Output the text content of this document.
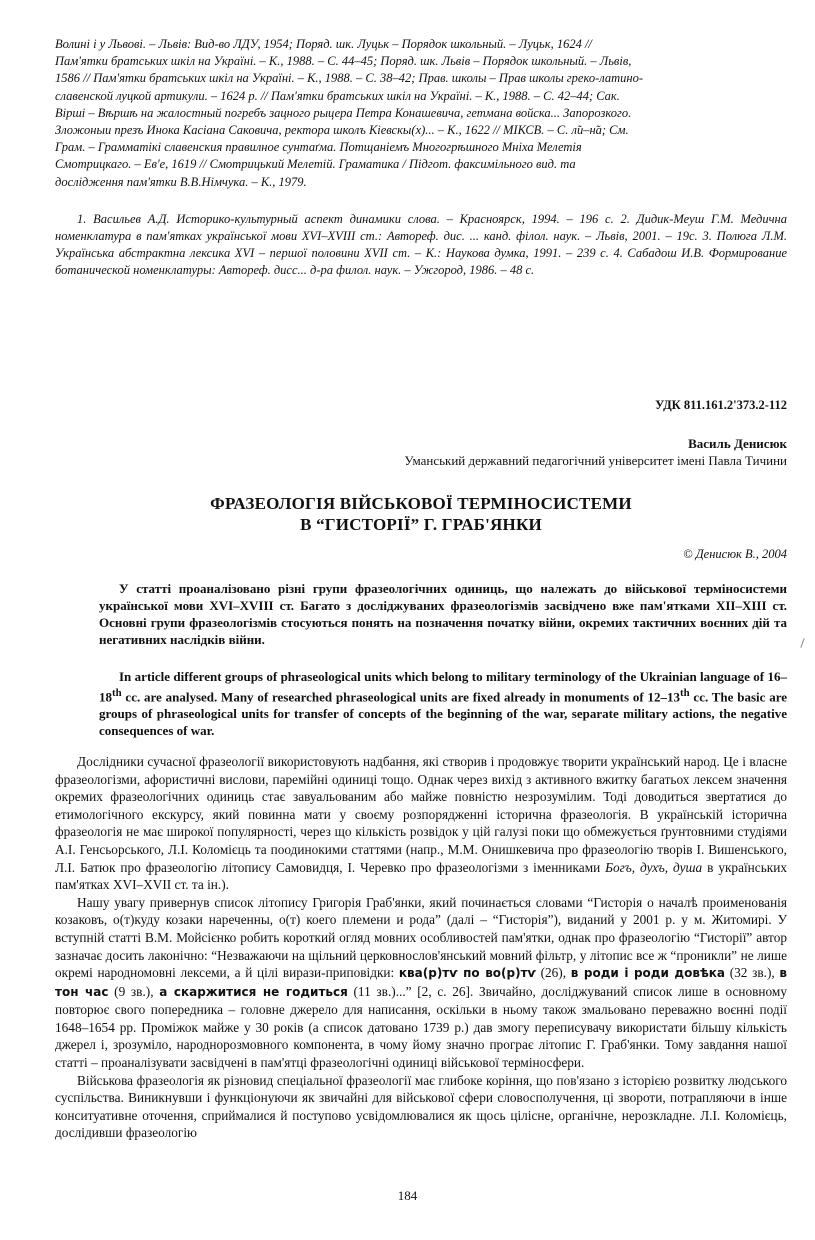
Волині і у Львові. – Львів: Вид-во ЛДУ, 1954; Поряд. шк. Луцьк – Порядок школьный. – Луцьк, 1624 //

Пам'ятки братських шкіл на Україні. – К., 1988. – С. 44–45; Поряд. шк. Львів – Порядок школьный. – Львів,

1586 // Пам'ятки братських шкіл на Україні. – К., 1988. – С. 38–42; Прав. школы – Прав школы греко-латино-

славенской луцкой артикули. – 1624 р. // Пам'ятки братських шкіл на Україні. – К., 1988. – С. 42–44; Сак.

Вірші – Вѣршѣ на жалостный погребъ зацного рыцера Петра Конашевича, гетмана войска... Запорозкого.

Зложоныи презъ Инока Касіана Саковича, ректора школъ Кіевскы(х)... – К., 1622 // МІКСВ. – С. л̃и–н̃а; См.

Грам. – Грамматікі славенския правилное сунтаґма. Потщаніемъ Многогрѣшного Мніха Мелетія

Смотрицкаго. – Ев'е, 1619 // Смотрицький Мелетій. Граматика / Підгот. факсимільного вид. та

дослідження пам'ятки В.В.Німчука. – К., 1979.

1. Васильев А.Д. Историко-культурный аспект динамики слова. – Красноярск, 1994. – 196 с. 2. Дидик-Меуш Г.М. Медична номенклатура в пам'ятках української мови XVI–XVIII ст.: Автореф. дис. ... канд. філол. наук. – Львів, 2001. – 19с. 3. Полюга Л.М. Українська абстрактна лексика XVI – першої половини XVII ст. – К.: Наукова думка, 1991. – 239 с. 4. Сабадош И.В. Формирование ботанической номенклатуры: Автореф. дисс... д-ра филол. наук. – Ужгород, 1986. – 48 с.

УДК 811.161.2'373.2-112

Василь Денисюк

Уманський державний педагогічний університет імені Павла Тичини

ФРАЗЕОЛОГІЯ ВІЙСЬКОВОЇ ТЕРМІНОСИСТЕМИ
В “ГИСТОРІЇ” Г. ГРАБ'ЯНКИ

© Денисюк В., 2004

У статті проаналізовано різні групи фразеологічних одиниць, що належать до військової терміносистеми української мови XVI–XVIII ст. Багато з досліджуваних фразеологізмів засвідчено вже пам'ятками XII–XIII ст. Основні групи фразеологізмів стосуються понять на позначення початку війни, окремих тактичних воєнних дій та негативних наслідків війни.

In article different groups of phraseological units which belong to military terminology of the Ukrainian language of 16–18th cc. are analysed. Many of researched phraseological units are fixed already in monuments of 12–13th cc. The basic are groups of phraseological units for transfer of concepts of the beginning of the war, separate military actions, the negative consequences of war.

Дослідники сучасної фразеології використовують надбання, які створив і продовжує творити український народ. Це і власне фразеологізми, афористичні вислови, паремійні одиниці тощо. Однак через вихід з активного вжитку багатьох лексем значення окремих фразеологічних одиниць стає завуальованим або майже повністю незрозумілим. Тоді доводиться звертатися до етимологічного екскурсу, який повинна мати у своєму розпорядженні історична фразеологія. В українській історична фразеологія не має широкої популярності, через що кількість розвідок у цій галузі поки що обмежується ґрунтовними студіями А.І. Генсьорського, Л.І. Коломієць та поодинокими статтями (напр., М.М. Онишкевича про фразеологію творів І. Вишенського, Л.І. Батюк про фразеологію літопису Самовидця, І. Черевко про фразеологізми з іменниками Богъ, духъ, душа в українських пам'ятках XVI–XVII ст. та ін.).

Нашу увагу привернув список літопису Григорія Граб'янки, який починається словами “Гисторія о началѣ проименованія козаковъ, о(т)куду козаки нареченны, о(т) коего племени и рода” (далі – “Гисторія”), виданий у 2001 р. у м. Житомирі. У вступній статті В.М. Мойсієнко робить короткий огляд мовних особливостей пам'ятки, однак про фразеологію “Гисторії” автор зазначає досить лаконічно: “Незважаючи на щільний церковнослов'янський мовний фільтр, у літопис все ж “проникли” не лише окремі народномовні лексеми, а й цілі вирази-приповідки: ква(р)тѵ по во(р)тѵ (26), в роди і роди довѣка (32 зв.), в тон час (9 зв.), а скаржитися не годиться (11 зв.)...” [2, с. 26]. Звичайно, досліджуваний список лише в основному повторює свого попередника – головне джерело для написання, оскільки в ньому також змальовано переважно воєнні події 1648–1654 рр. Проміжок майже у 30 років (а список датовано 1739 р.) дав змогу переписувачу використати більшу кількість джерел і, зрозуміло, народнорозмовного компонента, в чому йому значно програє літопис Г. Граб'янки. Тому завдання нашої статті – проаналізувати засвідчені в пам'ятці фразеологічні одиниці військової терміносфери.

Військова фразеологія як різновид спеціальної фразеології має глибоке коріння, що пов'язано з історією розвитку людського суспільства. Виникнувши і функціонуючи як звичайні для військової сфери словосполучення, ці звороти, потрапляючи в інше конситуативне оточення, сприймалися й поступово усвідомлювалися як щось цілісне, органічне, нерозкладне. Л.І. Коломієць, дослідивши фразеологію

184
